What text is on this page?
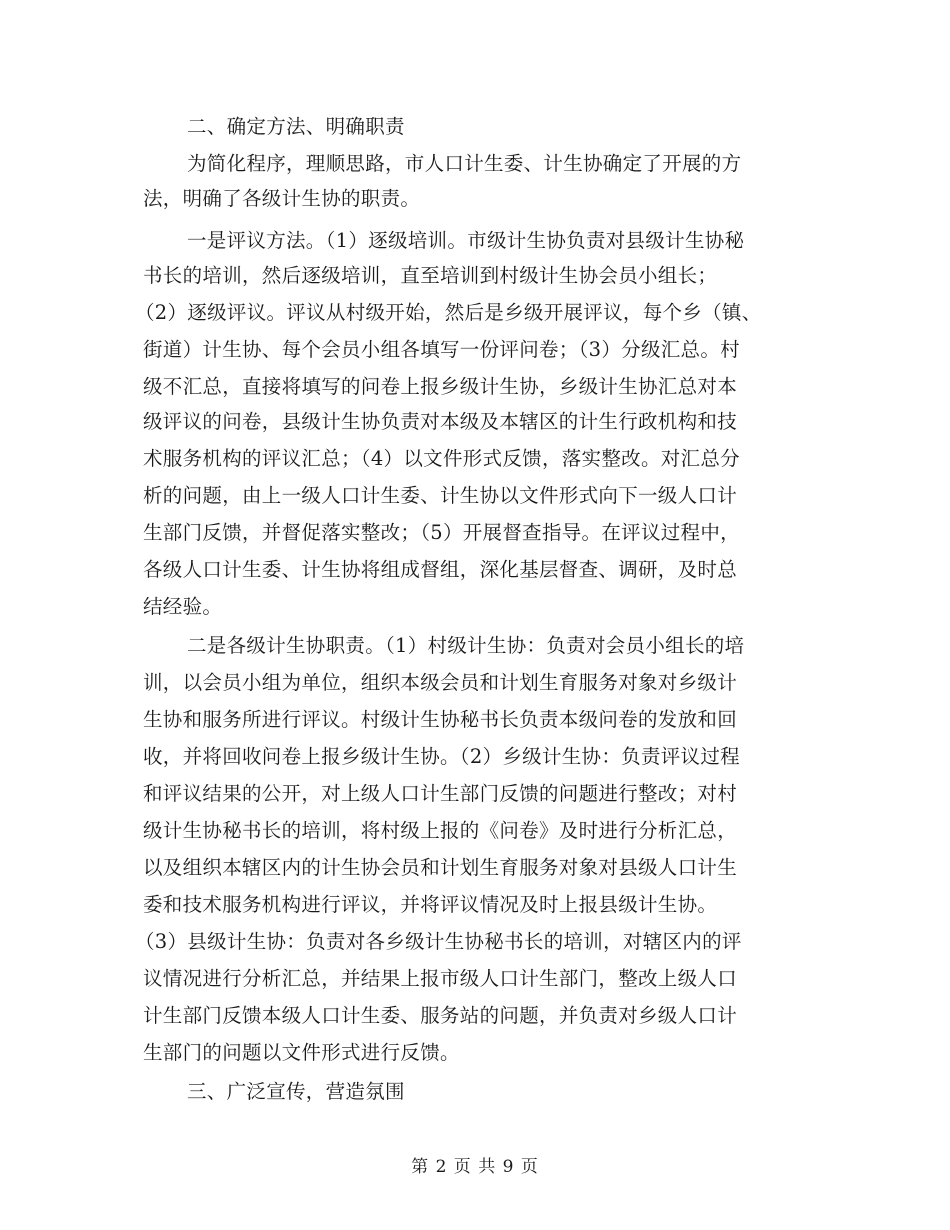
二、确定方法、明确职责
为简化程序，理顺思路，市人口计生委、计生协确定了开展的方
法，明确了各级计生协的职责。
一是评议方法。（1）逐级培训。市级计生协负责对县级计生协秘
书长的培训，然后逐级培训，直至培训到村级计生协会员小组长；
（2）逐级评议。评议从村级开始，然后是乡级开展评议，每个乡（镇、
街道）计生协、每个会员小组各填写一份评问卷；（3）分级汇总。村
级不汇总，直接将填写的问卷上报乡级计生协，乡级计生协汇总对本
级评议的问卷，县级计生协负责对本级及本辖区的计生行政机构和技
术服务机构的评议汇总；（4）以文件形式反馈，落实整改。对汇总分
析的问题，由上一级人口计生委、计生协以文件形式向下一级人口计
生部门反馈，并督促落实整改；（5）开展督查指导。在评议过程中，
各级人口计生委、计生协将组成督组，深化基层督查、调研，及时总
结经验。
二是各级计生协职责。（1）村级计生协：负责对会员小组长的培
训，以会员小组为单位，组织本级会员和计划生育服务对象对乡级计
生协和服务所进行评议。村级计生协秘书长负责本级问卷的发放和回
收，并将回收问卷上报乡级计生协。（2）乡级计生协：负责评议过程
和评议结果的公开，对上级人口计生部门反馈的问题进行整改；对村
级计生协秘书长的培训，将村级上报的《问卷》及时进行分析汇总，
以及组织本辖区内的计生协会员和计划生育服务对象对县级人口计生
委和技术服务机构进行评议，并将评议情况及时上报县级计生协。
（3）县级计生协：负责对各乡级计生协秘书长的培训，对辖区内的评
议情况进行分析汇总，并结果上报市级人口计生部门，整改上级人口
计生部门反馈本级人口计生委、服务站的问题，并负责对乡级人口计
生部门的问题以文件形式进行反馈。
三、广泛宣传，营造氛围
第 2 页 共 9 页
